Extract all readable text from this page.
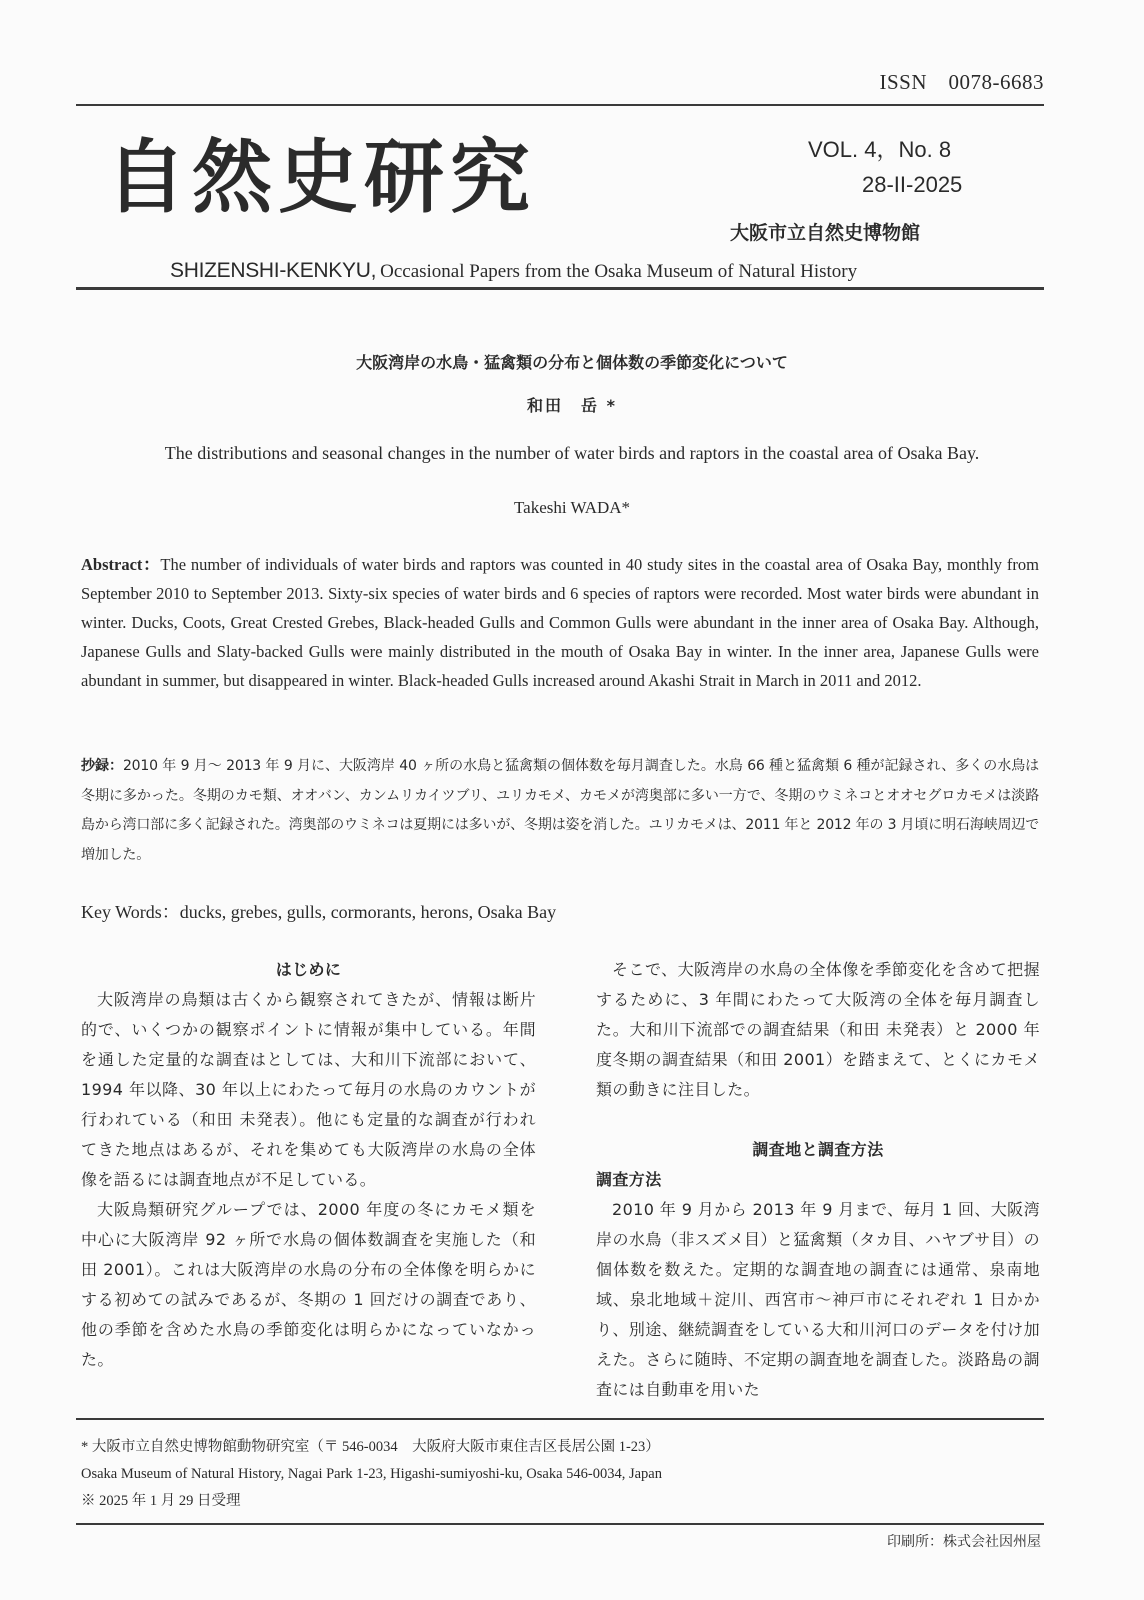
ISSN　0078-6683
自然史研究	VOL. 4，No. 8
28-II-2025
大阪市立自然史博物館
SHIZENSHI-KENKYU, Occasional Papers from the Osaka Museum of Natural History
大阪湾岸の水鳥・猛禽類の分布と個体数の季節変化について
和田　岳 *
The distributions and seasonal changes in the number of water birds and raptors in the coastal area of Osaka Bay.
Takeshi WADA*
Abstract：The number of individuals of water birds and raptors was counted in 40 study sites in the coastal area of Osaka Bay, monthly from September 2010 to September 2013. Sixty-six species of water birds and 6 species of raptors were recorded. Most water birds were abundant in winter. Ducks, Coots, Great Crested Grebes, Black-headed Gulls and Common Gulls were abundant in the inner area of Osaka Bay. Although, Japanese Gulls and Slaty-backed Gulls were mainly distributed in the mouth of Osaka Bay in winter. In the inner area, Japanese Gulls were abundant in summer, but disappeared in winter. Black-headed Gulls increased around Akashi Strait in March in 2011 and 2012.
抄録：2010 年 9 月～ 2013 年 9 月に、大阪湾岸 40 ヶ所の水鳥と猛禽類の個体数を毎月調査した。水鳥 66 種と猛禽類 6 種が記録され、多くの水鳥は冬期に多かった。冬期のカモ類、オオバン、カンムリカイツブリ、ユリカモメ、カモメが湾奥部に多い一方で、冬期のウミネコとオオセグロカモメは淡路島から湾口部に多く記録された。湾奥部のウミネコは夏期には多いが、冬期は姿を消した。ユリカモメは、2011 年と 2012 年の 3 月頃に明石海峡周辺で増加した。
Key Words：ducks, grebes, gulls, cormorants, herons, Osaka Bay
はじめに

大阪湾岸の鳥類は古くから観察されてきたが、情報は断片的で、いくつかの観察ポイントに情報が集中している。年間を通した定量的な調査はとしては、大和川下流部において、1994 年以降、30 年以上にわたって毎月の水鳥のカウントが行われている（和田 未発表）。他にも定量的な調査が行われてきた地点はあるが、それを集めても大阪湾岸の水鳥の全体像を語るには調査地点が不足している。

大阪鳥類研究グループでは、2000 年度の冬にカモメ類を中心に大阪湾岸 92 ヶ所で水鳥の個体数調査を実施した（和田 2001）。これは大阪湾岸の水鳥の分布の全体像を明らかにする初めての試みであるが、冬期の 1 回だけの調査であり、他の季節を含めた水鳥の季節変化は明らかになっていなかった。

そこで、大阪湾岸の水鳥の全体像を季節変化を含めて把握するために、3 年間にわたって大阪湾の全体を毎月調査した。大和川下流部での調査結果（和田 未発表）と 2000 年度冬期の調査結果（和田 2001）を踏まえて、とくにカモメ類の動きに注目した。

調査地と調査方法
調査方法

2010 年 9 月から 2013 年 9 月まで、毎月 1 回、大阪湾岸の水鳥（非スズメ目）と猛禽類（タカ目、ハヤブサ目）の個体数を数えた。定期的な調査地の調査には通常、泉南地域、泉北地域＋淀川、西宮市～神戸市にそれぞれ 1 日かかり、別途、継続調査をしている大和川河口のデータを付け加えた。さらに随時、不定期の調査地を調査した。淡路島の調査には自動車を用いた

* 大阪市立自然史博物館動物研究室（〒 546-0034　大阪府大阪市東住吉区長居公園 1-23）
Osaka Museum of Natural History, Nagai Park 1-23, Higashi-sumiyoshi-ku, Osaka 546-0034, Japan
※ 2025 年 1 月 29 日受理
印刷所：株式会社因州屋
